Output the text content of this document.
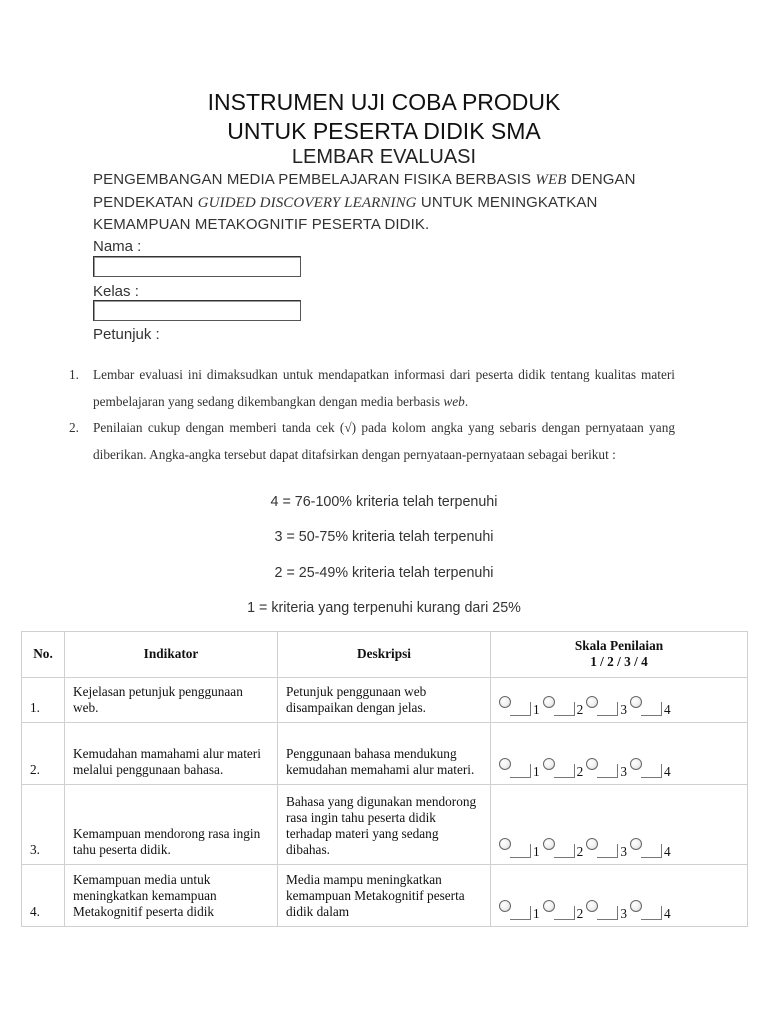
INSTRUMEN UJI COBA PRODUK
UNTUK PESERTA DIDIK SMA
LEMBAR EVALUASI
PENGEMBANGAN MEDIA PEMBELAJARAN FISIKA BERBASIS WEB DENGAN PENDEKATAN GUIDED DISCOVERY LEARNING UNTUK MENINGKATKAN KEMAMPUAN METAKOGNITIF PESERTA DIDIK.
Nama :
Kelas :
Petunjuk :
1. Lembar evaluasi ini dimaksudkan untuk mendapatkan informasi dari peserta didik tentang kualitas materi pembelajaran yang sedang dikembangkan dengan media berbasis web.
2. Penilaian cukup dengan memberi tanda cek (√) pada kolom angka yang sebaris dengan pernyataan yang diberikan. Angka-angka tersebut dapat ditafsirkan dengan pernyataan-pernyataan sebagai berikut :
4 = 76-100% kriteria telah terpenuhi
3 = 50-75% kriteria telah terpenuhi
2 = 25-49% kriteria telah terpenuhi
1 = kriteria yang terpenuhi kurang dari 25%
No.	Indikator	Deskripsi	Skala Penilaian
1 / 2 / 3 / 4

1.	Kejelasan petunjuk penggunaan web.	Petunjuk penggunaan web disampaikan dengan jelas.	1 2 3 4

2.	Kemudahan mamahami alur materi melalui penggunaan bahasa.	Penggunaan bahasa mendukung kemudahan memahami alur materi.	1 2 3 4

3.	Kemampuan mendorong rasa ingin tahu peserta didik.	Bahasa yang digunakan mendorong rasa ingin tahu peserta didik terhadap materi yang sedang dibahas.	1 2 3 4

4.	Kemampuan media untuk meningkatkan kemampuan Metakognitif peserta didik	Media mampu meningkatkan kemampuan Metakognitif peserta didik dalam	1 2 3 4
